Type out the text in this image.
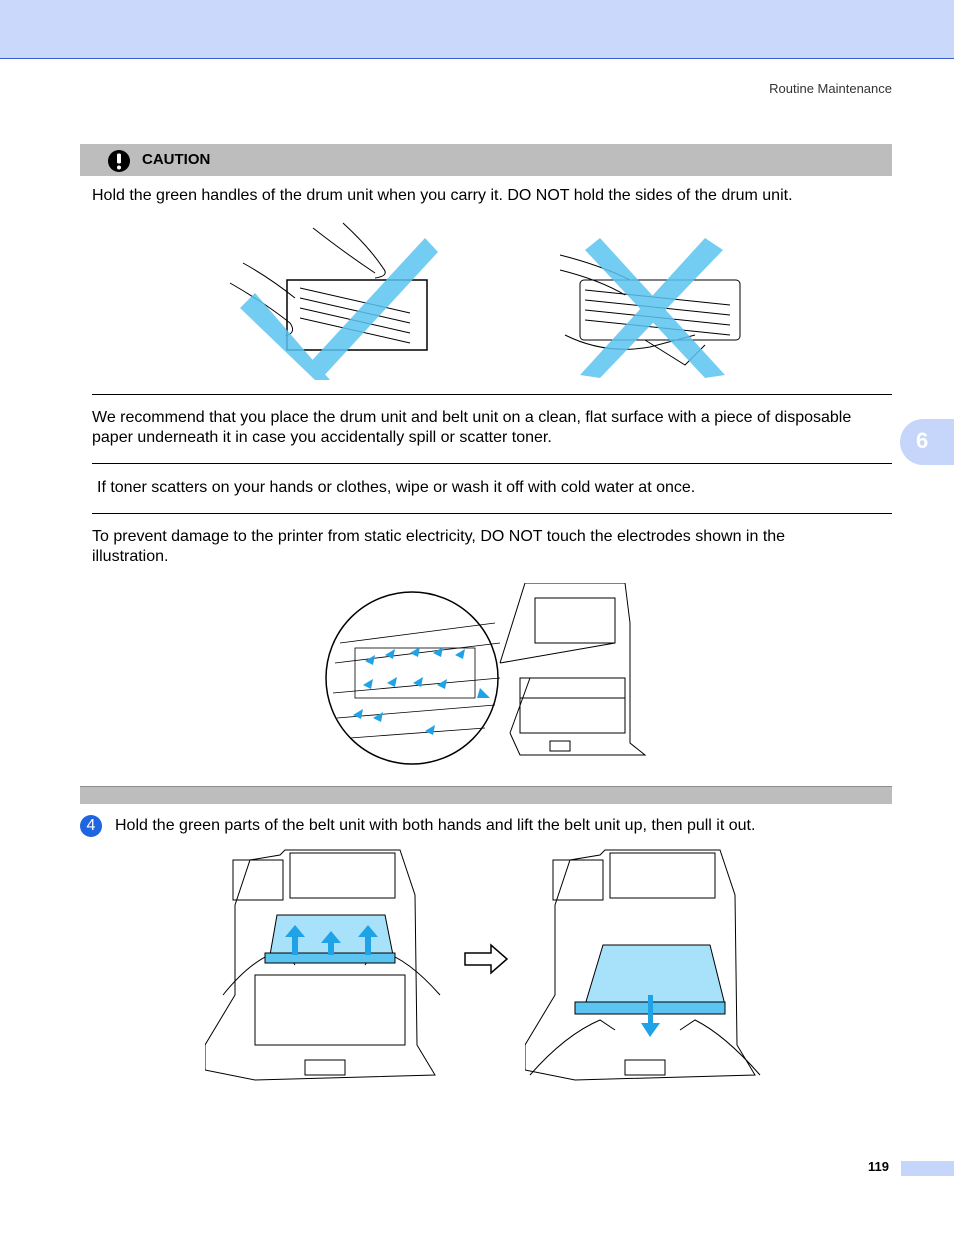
Routine Maintenance
CAUTION
Hold the green handles of the drum unit when you carry it. DO NOT hold the sides of the drum unit.
We recommend that you place the drum unit and belt unit on a clean, flat surface with a piece of disposable
paper underneath it in case you accidentally spill or scatter toner.
If toner scatters on your hands or clothes, wipe or wash it off with cold water at once.
To prevent damage to the printer from static electricity, DO NOT touch the electrodes shown in the
illustration.
4	Hold the green parts of the belt unit with both hands and lift the belt unit up, then pull it out.
6
119
